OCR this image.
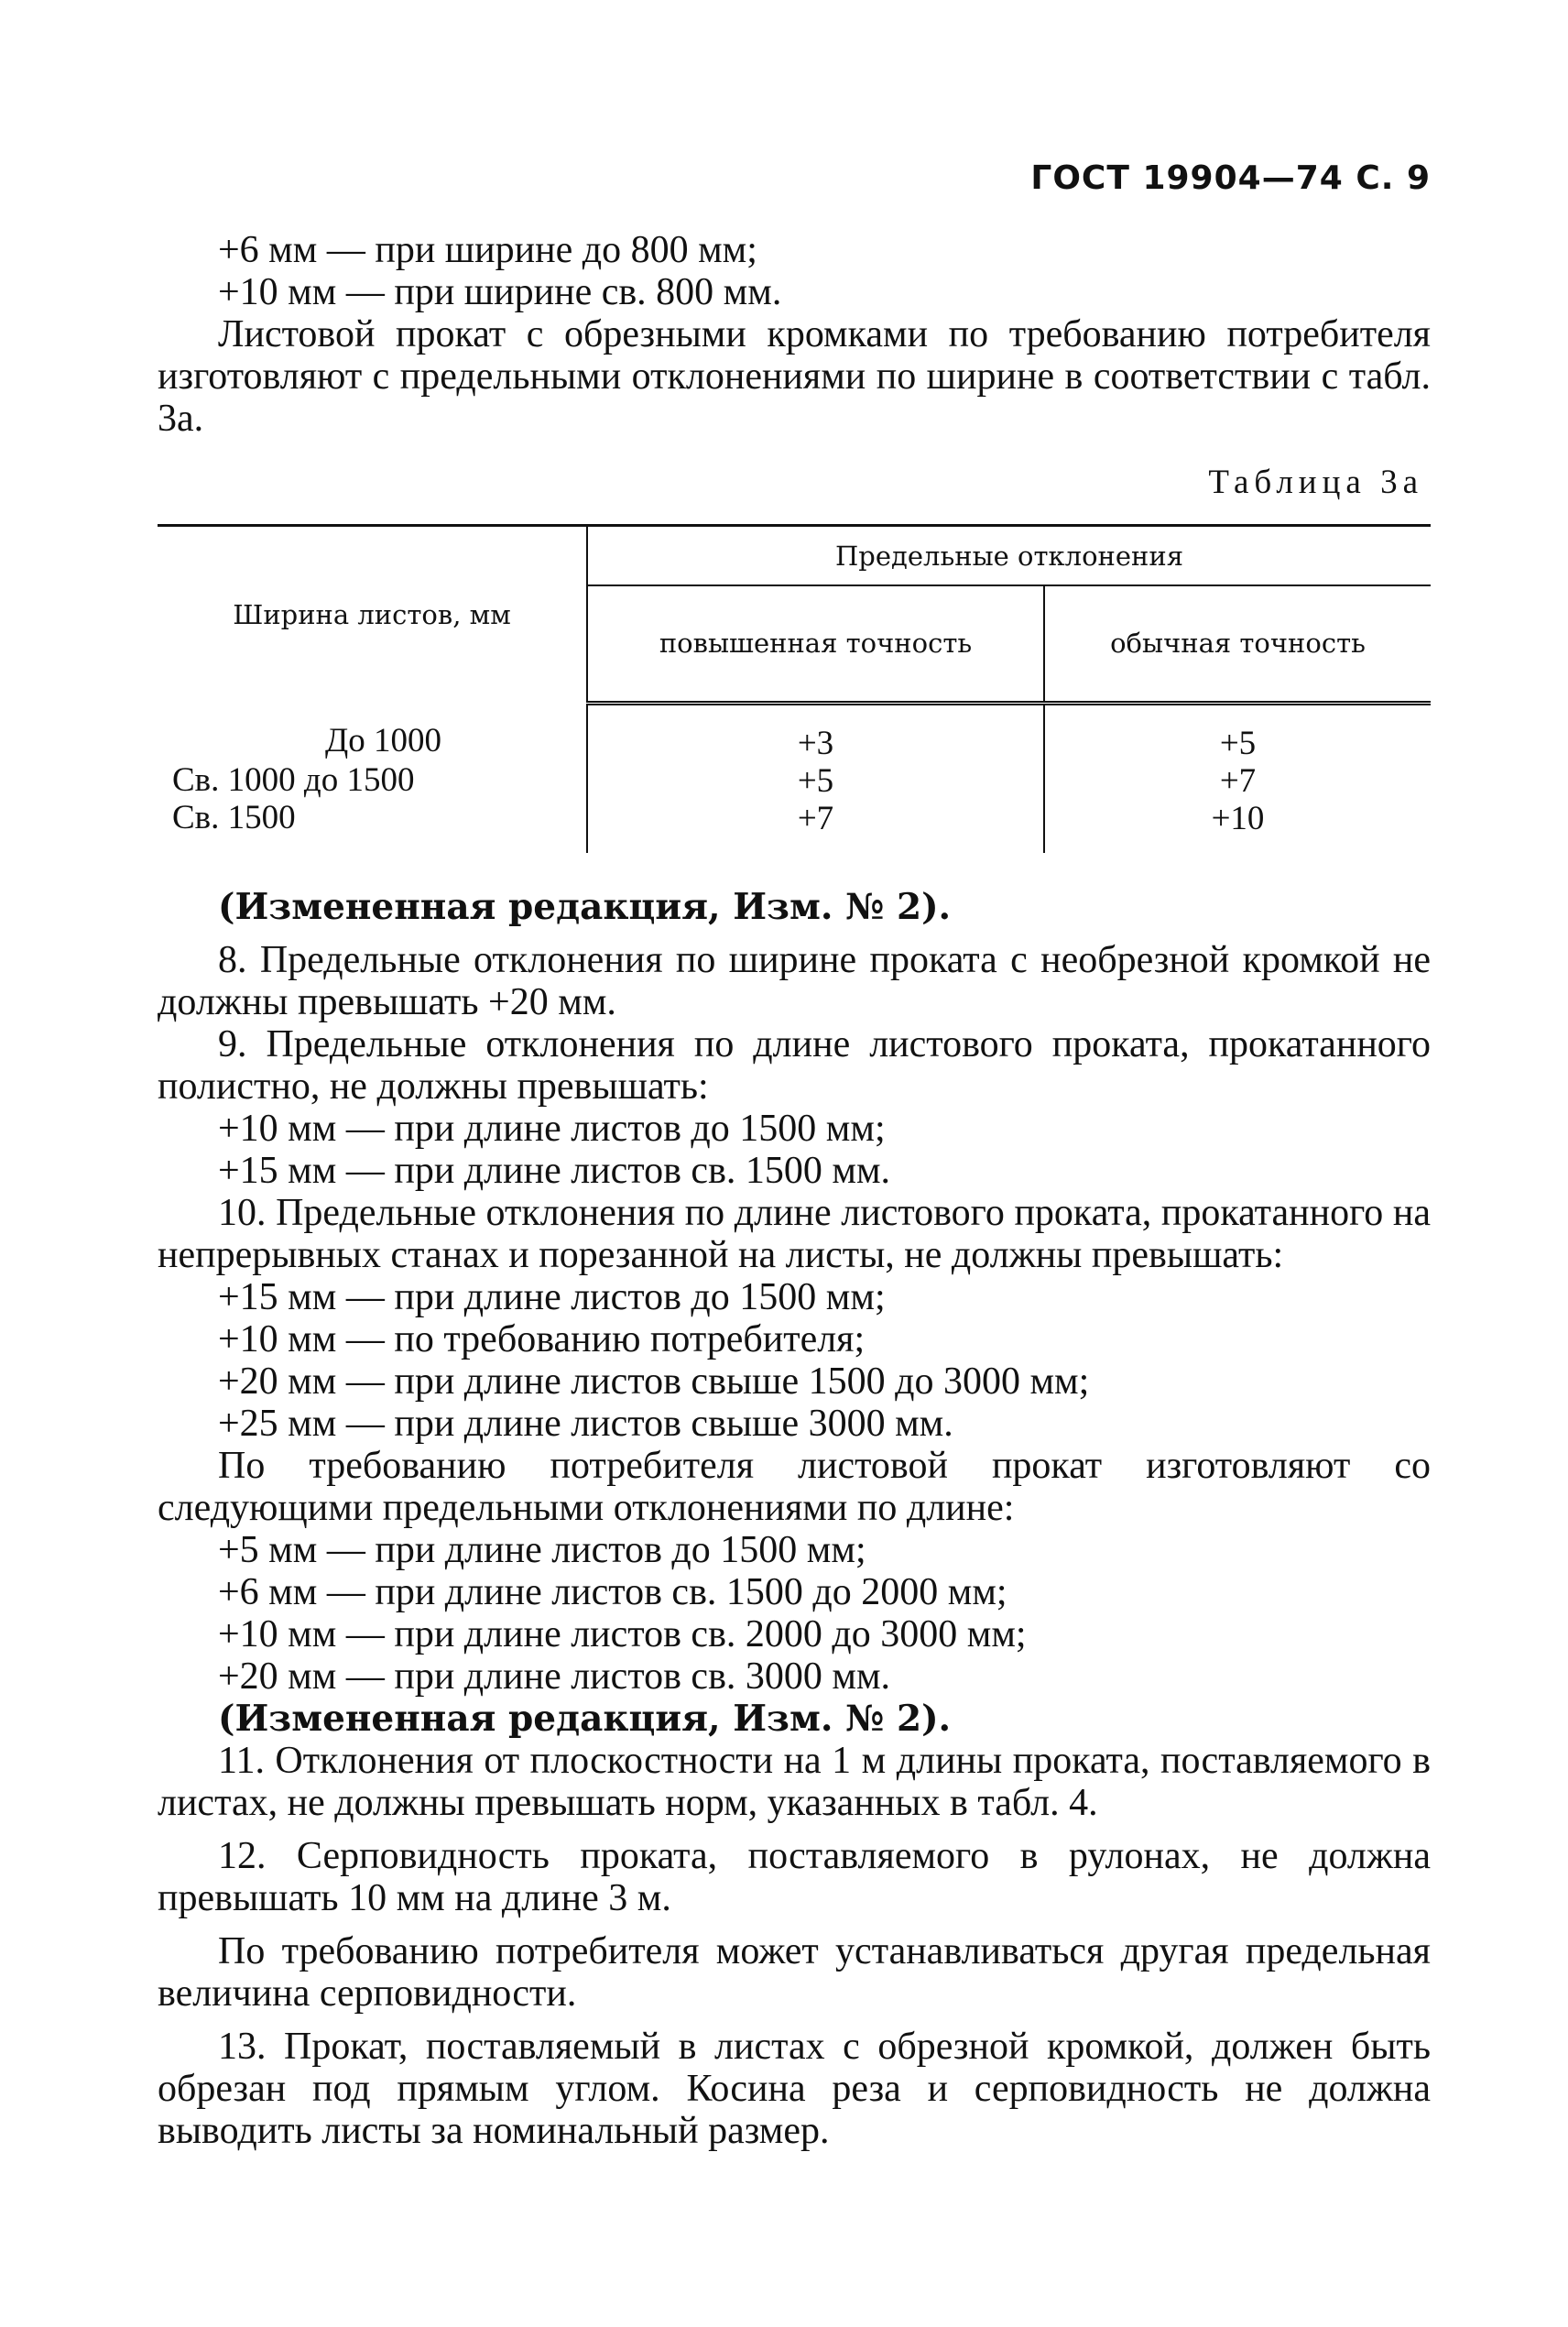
ГОСТ 19904—74 С. 9

+6 мм — при ширине до 800 мм;

+10 мм — при ширине св. 800 мм.

Листовой прокат с обрезными кромками по требованию потребителя изготовляют с предельными отклонениями по ширине в соответствии с табл. 3а.

Таблица 3а
Ширина листов, мм	Предельные отклонения	
	повышенная точность	обычная точность
До 1000	+3	+5
Св. 1000 до 1500	+5	+7
Св. 1500	+7	+10

(Измененная редакция, Изм. № 2).

8. Предельные отклонения по ширине проката с необрезной кромкой не должны превышать +20 мм.

9. Предельные отклонения по длине листового проката, прокатанного полистно, не должны превышать:

+10 мм — при длине листов до 1500 мм;

+15 мм — при длине листов св. 1500 мм.

10. Предельные отклонения по длине листового проката, прокатанного на непрерывных станах и порезанной на листы, не должны превышать:

+15 мм — при длине листов до 1500 мм;

+10 мм — по требованию потребителя;

+20 мм — при длине листов свыше 1500 до 3000 мм;

+25 мм — при длине листов свыше 3000 мм.

По требованию потребителя листовой прокат изготовляют со следующими предельными отклонениями по длине:

+5 мм — при длине листов до 1500 мм;

+6 мм — при длине листов св. 1500 до 2000 мм;

+10 мм — при длине листов св. 2000 до 3000 мм;

+20 мм — при длине листов св. 3000 мм.

(Измененная редакция, Изм. № 2).

11. Отклонения от плоскостности на 1 м длины проката, поставляемого в листах, не должны превышать норм, указанных в табл. 4.

12. Серповидность проката, поставляемого в рулонах, не должна превышать 10 мм на длине 3 м.

По требованию потребителя может устанавливаться другая предельная величина серповидности.

13. Прокат, поставляемый в листах с обрезной кромкой, должен быть обрезан под прямым углом. Косина реза и серповидность не должна выводить листы за номинальный размер.
